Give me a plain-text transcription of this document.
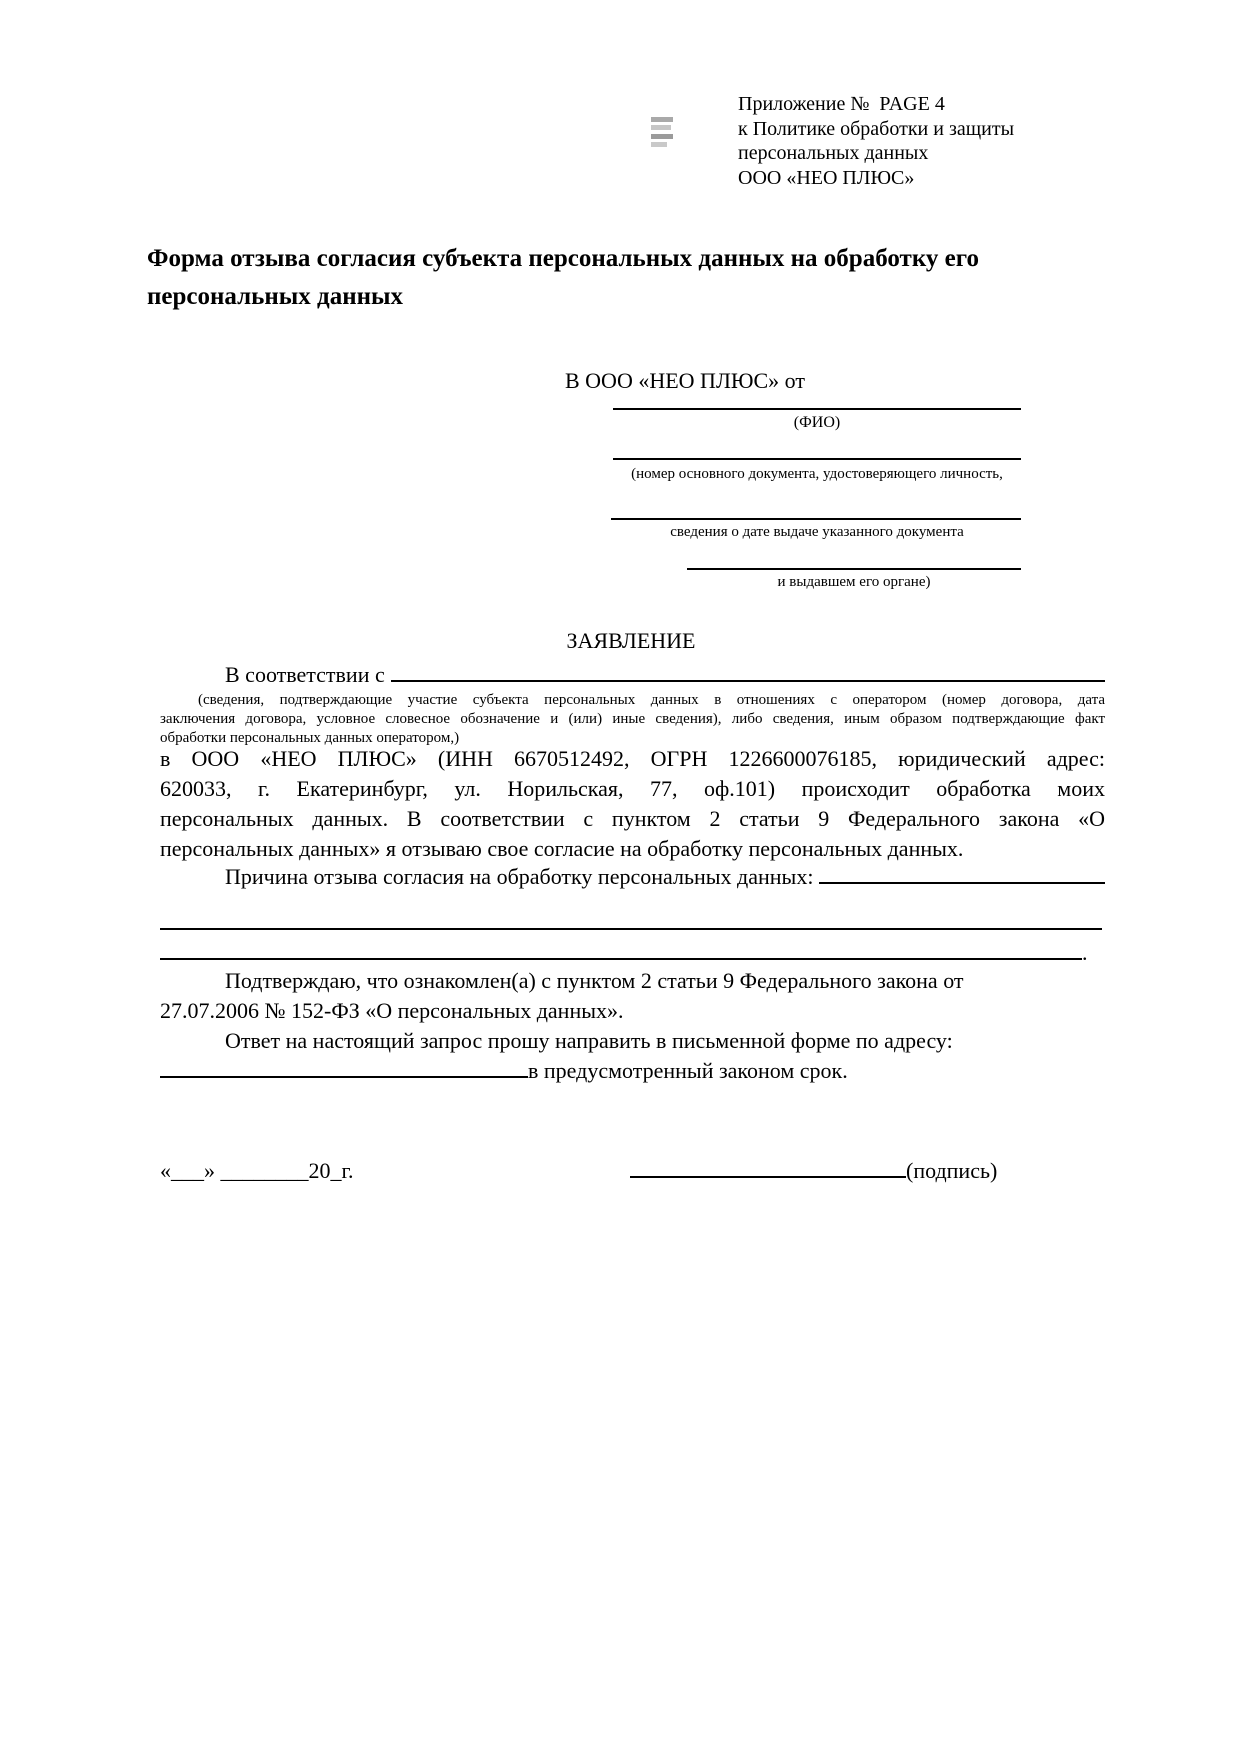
Приложение №  PAGE 4
к Политике обработки и защиты
персональных данных
ООО «НЕО ПЛЮС»
Форма отзыва согласия субъекта персональных данных на обработку его персональных данных
В ООО «НЕО ПЛЮС» от
(ФИО)
(номер основного документа, удостоверяющего личность,
сведения о дате выдаче указанного документа
и выдавшем его органе)
ЗАЯВЛЕНИЕ
В соответствии с
(сведения, подтверждающие участие субъекта персональных данных в отношениях с оператором (номер договора, дата
заключения договора, условное словесное обозначение и (или) иные сведения), либо сведения, иным образом подтверждающие факт
обработки персональных данных оператором,)
в ООО «НЕО ПЛЮС» (ИНН 6670512492, ОГРН 1226600076185, юридический адрес:
620033, г. Екатеринбург, ул. Норильская, 77, оф.101) происходит обработка моих
персональных данных. В соответствии с пунктом 2 статьи 9 Федерального закона «О
персональных данных» я отзываю свое согласие на обработку персональных данных.
Причина отзыва согласия на обработку персональных данных:
.
Подтверждаю, что ознакомлен(а) с пунктом 2 статьи 9 Федерального закона от
27.07.2006 № 152-ФЗ «О персональных данных».
Ответ на настоящий запрос прошу направить в письменной форме по адресу:
в предусмотренный законом срок.
«___» ________20_г.	(подпись)
